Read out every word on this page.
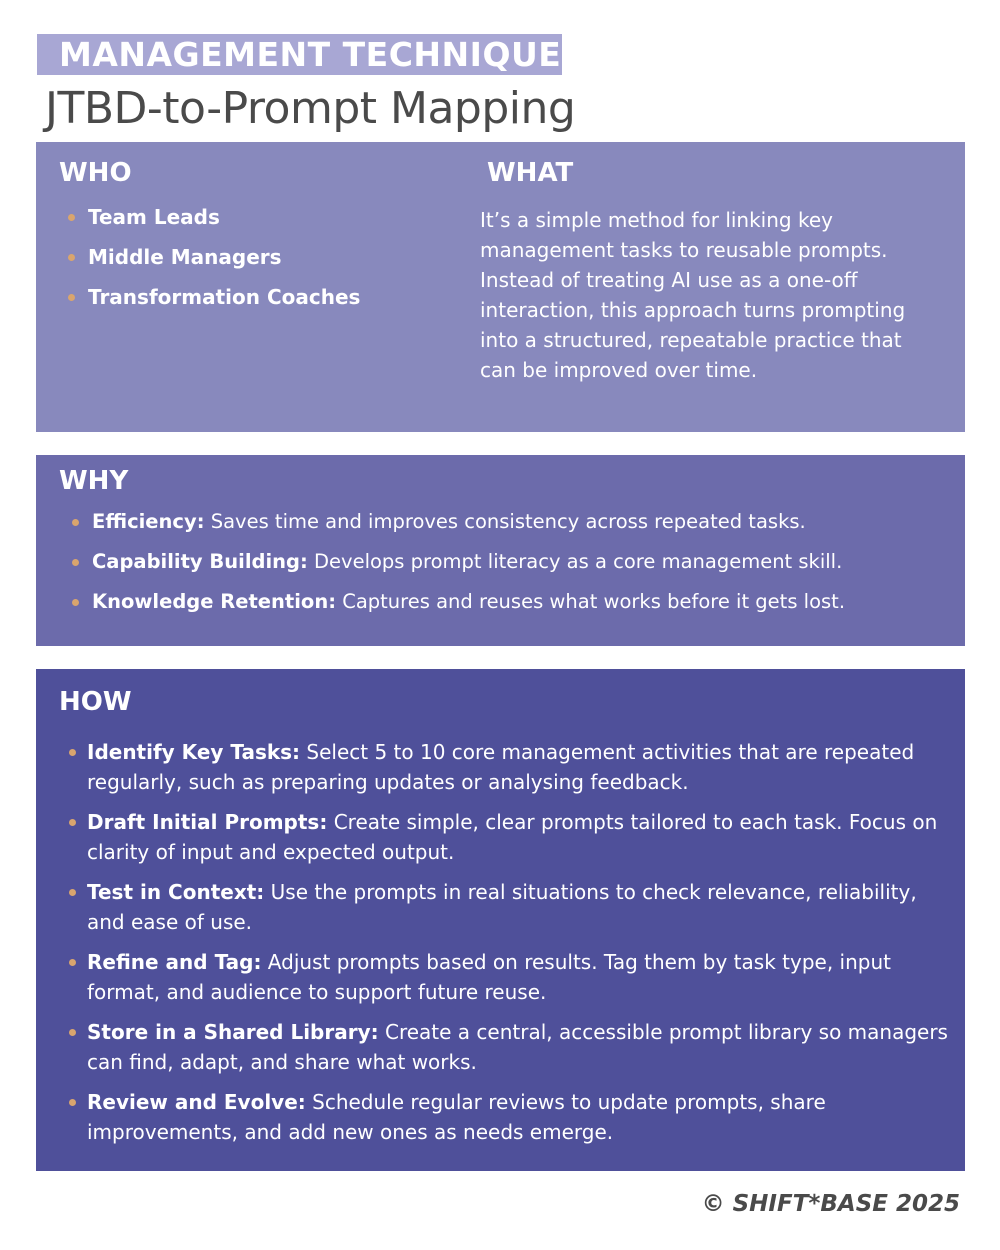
MANAGEMENT TECHNIQUE
JTBD-to-Prompt Mapping
WHO
Team Leads
Middle Managers
Transformation Coaches
WHAT
It’s a simple method for linking key management tasks to reusable prompts. Instead of treating AI use as a one-off interaction, this approach turns prompting into a structured, repeatable practice that can be improved over time.
WHY
Efficiency: Saves time and improves consistency across repeated tasks.
Capability Building: Develops prompt literacy as a core management skill.
Knowledge Retention: Captures and reuses what works before it gets lost.
HOW
Identify Key Tasks: Select 5 to 10 core management activities that are repeated regularly, such as preparing updates or analysing feedback.
Draft Initial Prompts: Create simple, clear prompts tailored to each task. Focus on clarity of input and expected output.
Test in Context: Use the prompts in real situations to check relevance, reliability, and ease of use.
Refine and Tag: Adjust prompts based on results. Tag them by task type, input format, and audience to support future reuse.
Store in a Shared Library: Create a central, accessible prompt library so managers can find, adapt, and share what works.
Review and Evolve: Schedule regular reviews to update prompts, share improvements, and add new ones as needs emerge.
© SHIFT*BASE 2025
